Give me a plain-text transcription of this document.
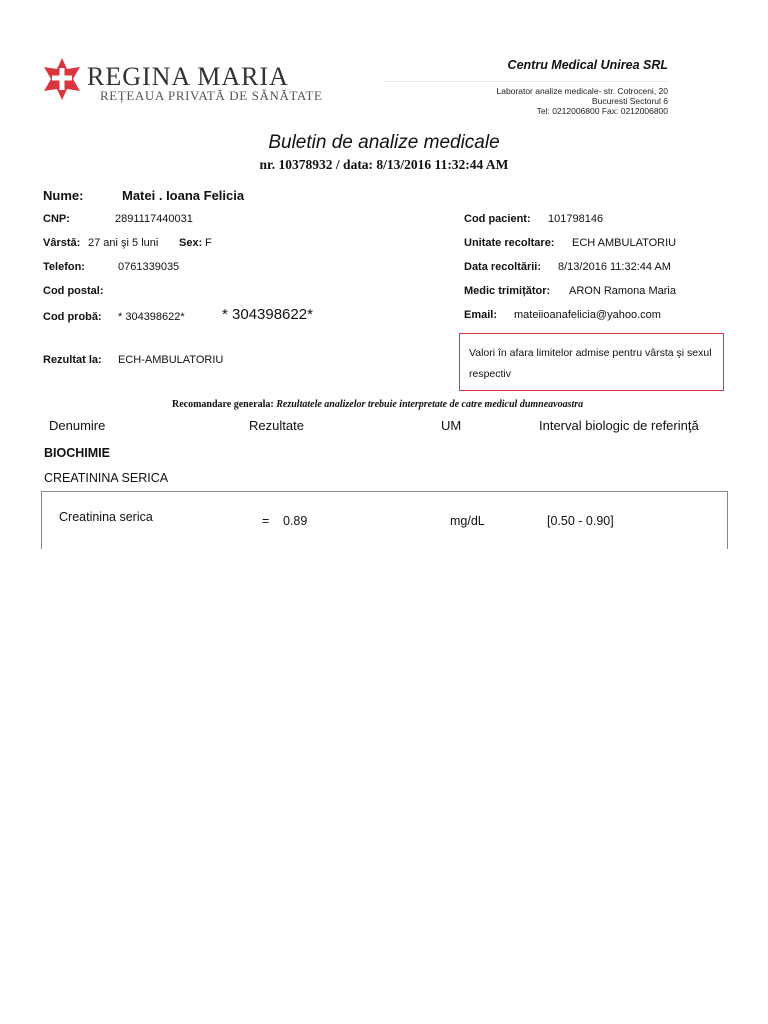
REGINA MARIA
REȚEAUA PRIVATĂ DE SĂNĂTATE
Centru Medical Unirea SRL
Laborator analize medicale- str. Cotroceni, 20
Bucuresti Sectorul 6
Tel: 0212006800 Fax: 0212006800
Buletin de analize medicale
nr. 10378932 / data: 8/13/2016 11:32:44 AM
Nume:	Matei . Ioana Felicia
CNP:	2891117440031
Vârstă: 27 ani şi 5 luni Sex: F
Telefon:	0761339035
Cod postal:
Cod probă: * 304398622* * 304398622*
Rezultat la: ECH-AMBULATORIU
Cod pacient: 101798146
Unitate recoltare: ECH AMBULATORIU
Data recoltării: 8/13/2016 11:32:44 AM
Medic trimițător: ARON Ramona Maria
Email: mateiioanafelicia@yahoo.com
Valori în afara limitelor admise pentru vârsta şi sexul respectiv
Recomandare generala: Rezultatele analizelor trebuie interpretate de catre medicul dumneavoastra
Denumire	Rezultate	UM	Interval biologic de referinţă
BIOCHIMIE
CREATININA SERICA
Creatinina serica	= 0.89	mg/dL	[0.50 - 0.90]
